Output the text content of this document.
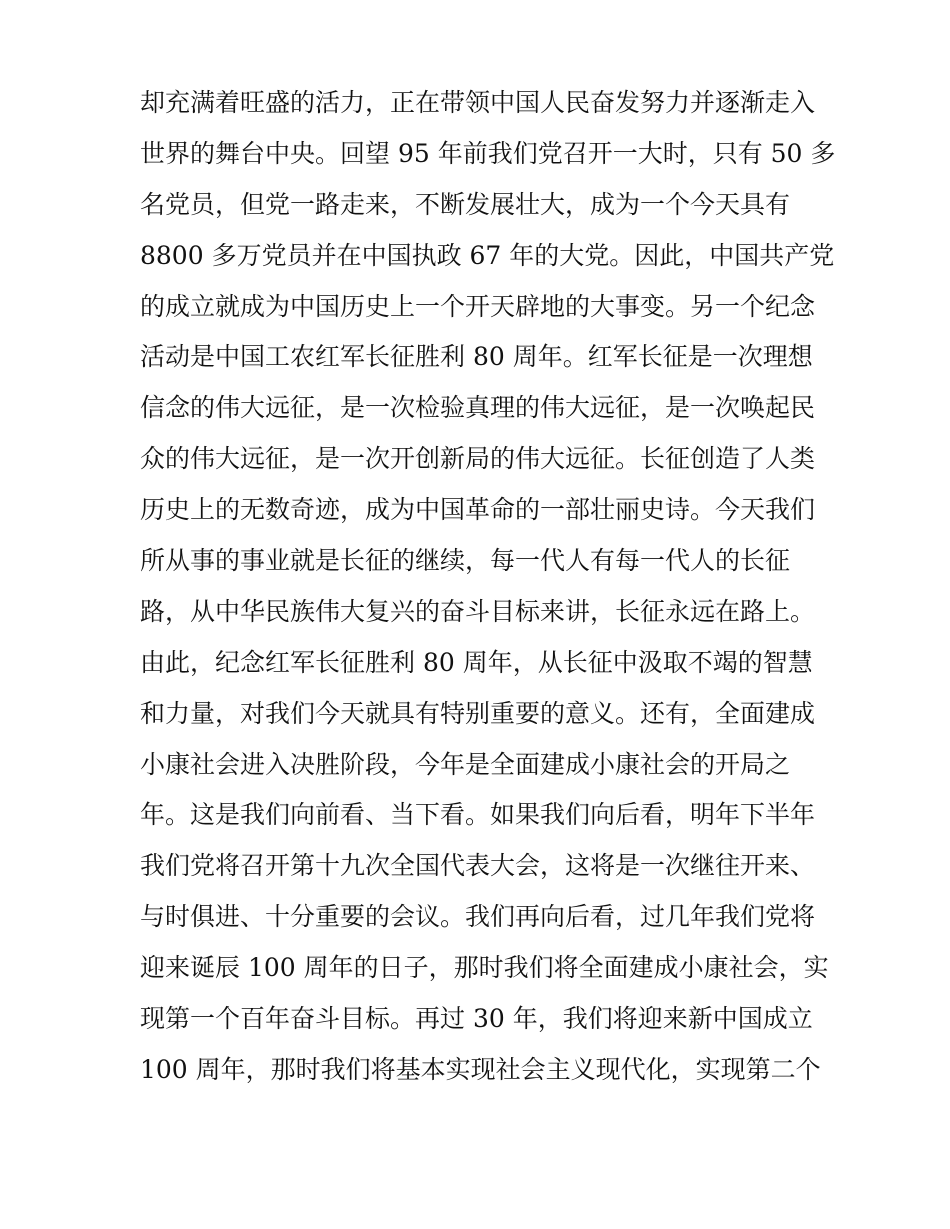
却充满着旺盛的活力，正在带领中国人民奋发努力并逐渐走入
世界的舞台中央。回望 95 年前我们党召开一大时，只有 50 多
名党员，但党一路走来，不断发展壮大，成为一个今天具有
8800 多万党员并在中国执政 67 年的大党。因此，中国共产党
的成立就成为中国历史上一个开天辟地的大事变。另一个纪念
活动是中国工农红军长征胜利 80 周年。红军长征是一次理想
信念的伟大远征，是一次检验真理的伟大远征，是一次唤起民
众的伟大远征，是一次开创新局的伟大远征。长征创造了人类
历史上的无数奇迹，成为中国革命的一部壮丽史诗。今天我们
所从事的事业就是长征的继续，每一代人有每一代人的长征
路，从中华民族伟大复兴的奋斗目标来讲，长征永远在路上。
由此，纪念红军长征胜利 80 周年，从长征中汲取不竭的智慧
和力量，对我们今天就具有特别重要的意义。还有，全面建成
小康社会进入决胜阶段，今年是全面建成小康社会的开局之
年。这是我们向前看、当下看。如果我们向后看，明年下半年
我们党将召开第十九次全国代表大会，这将是一次继往开来、
与时俱进、十分重要的会议。我们再向后看，过几年我们党将
迎来诞辰 100 周年的日子，那时我们将全面建成小康社会，实
现第一个百年奋斗目标。再过 30 年，我们将迎来新中国成立
100 周年，那时我们将基本实现社会主义现代化，实现第二个
